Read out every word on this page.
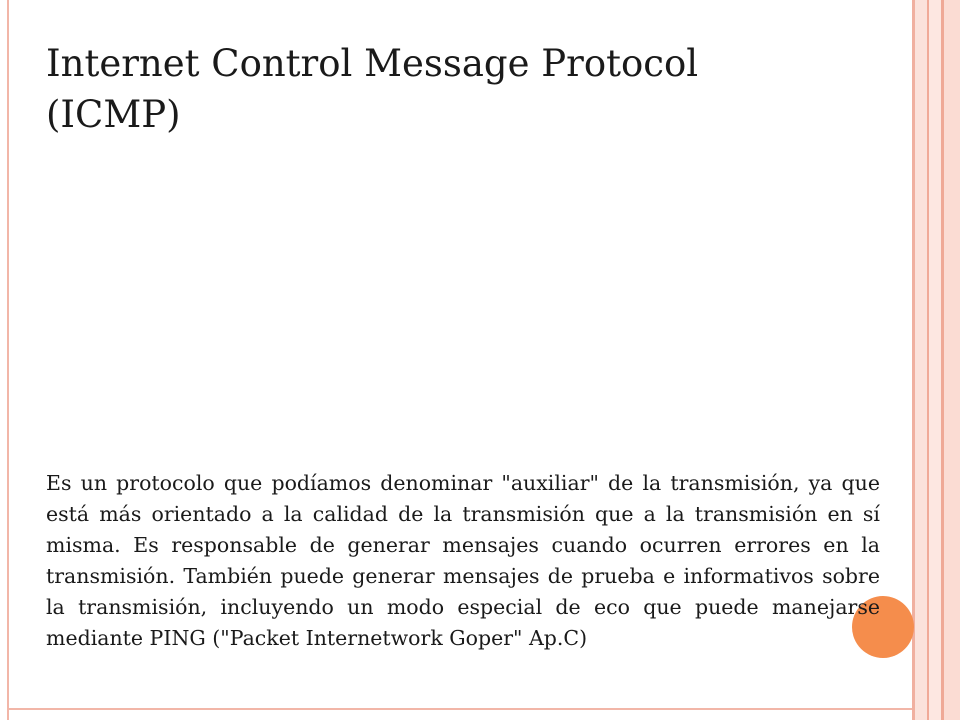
Internet Control Message Protocol
(ICMP)

Es un protocolo que podíamos denominar "auxiliar" de la transmisión, ya que está más orientado a la calidad de la transmisión que a la transmisión en sí misma. Es responsable de generar mensajes cuando ocurren errores en la transmisión. También puede generar mensajes de prueba e informativos sobre la transmisión, incluyendo un modo especial de eco que puede manejarse mediante PING ("Packet Internetwork Goper" Ap.C)
